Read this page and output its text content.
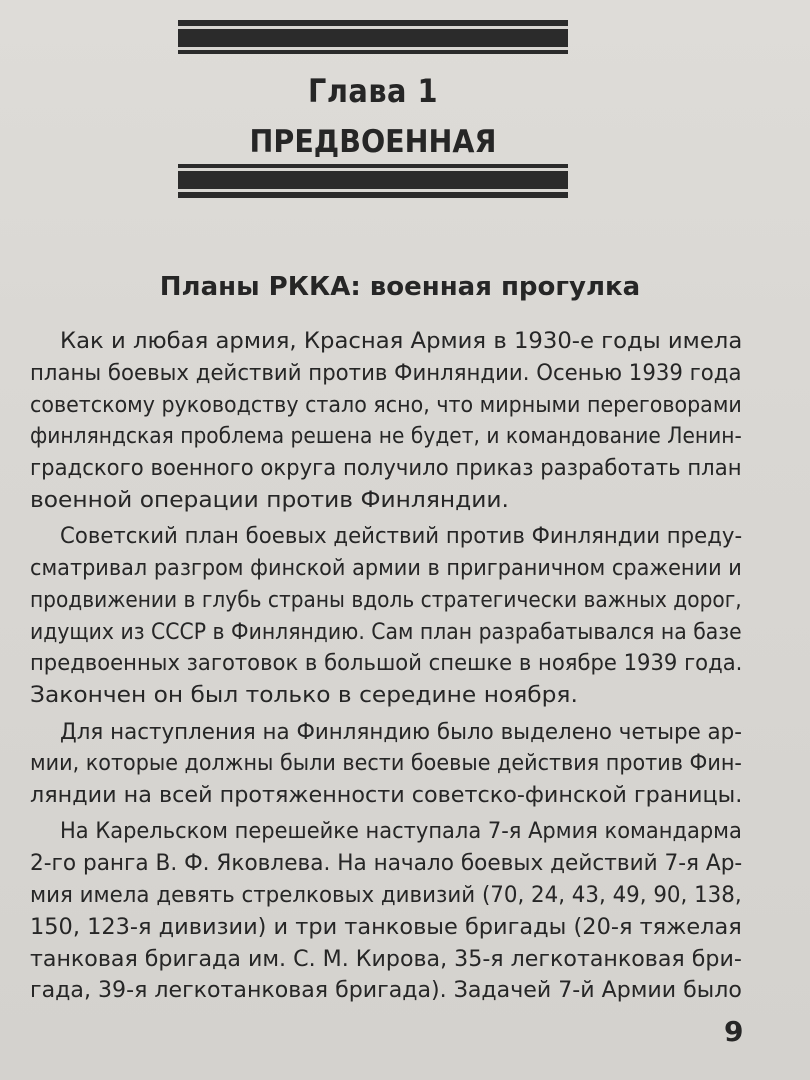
Глава 1
ПРЕДВОЕННАЯ
Планы РККА: военная прогулка
Как и любая армия, Красная Армия в 1930-е годы имела
планы боевых действий против Финляндии. Осенью 1939 года
советскому руководству стало ясно, что мирными переговорами
финляндская проблема решена не будет, и командование Ленин-
градского военного округа получило приказ разработать план
военной операции против Финляндии.
Советский план боевых действий против Финляндии преду-
сматривал разгром финской армии в приграничном сражении и
продвижении в глубь страны вдоль стратегически важных дорог,
идущих из СССР в Финляндию. Сам план разрабатывался на базе
предвоенных заготовок в большой спешке в ноябре 1939 года.
Закончен он был только в середине ноября.
Для наступления на Финляндию было выделено четыре ар-
мии, которые должны были вести боевые действия против Фин-
ляндии на всей протяженности советско-финской границы.
На Карельском перешейке наступала 7-я Армия командарма
2-го ранга В. Ф. Яковлева. На начало боевых действий 7-я Ар-
мия имела девять стрелковых дивизий (70, 24, 43, 49, 90, 138,
150, 123-я дивизии) и три танковые бригады (20-я тяжелая
танковая бригада им. С. М. Кирова, 35-я легкотанковая бри-
гада, 39-я легкотанковая бригада). Задачей 7-й Армии было
9
